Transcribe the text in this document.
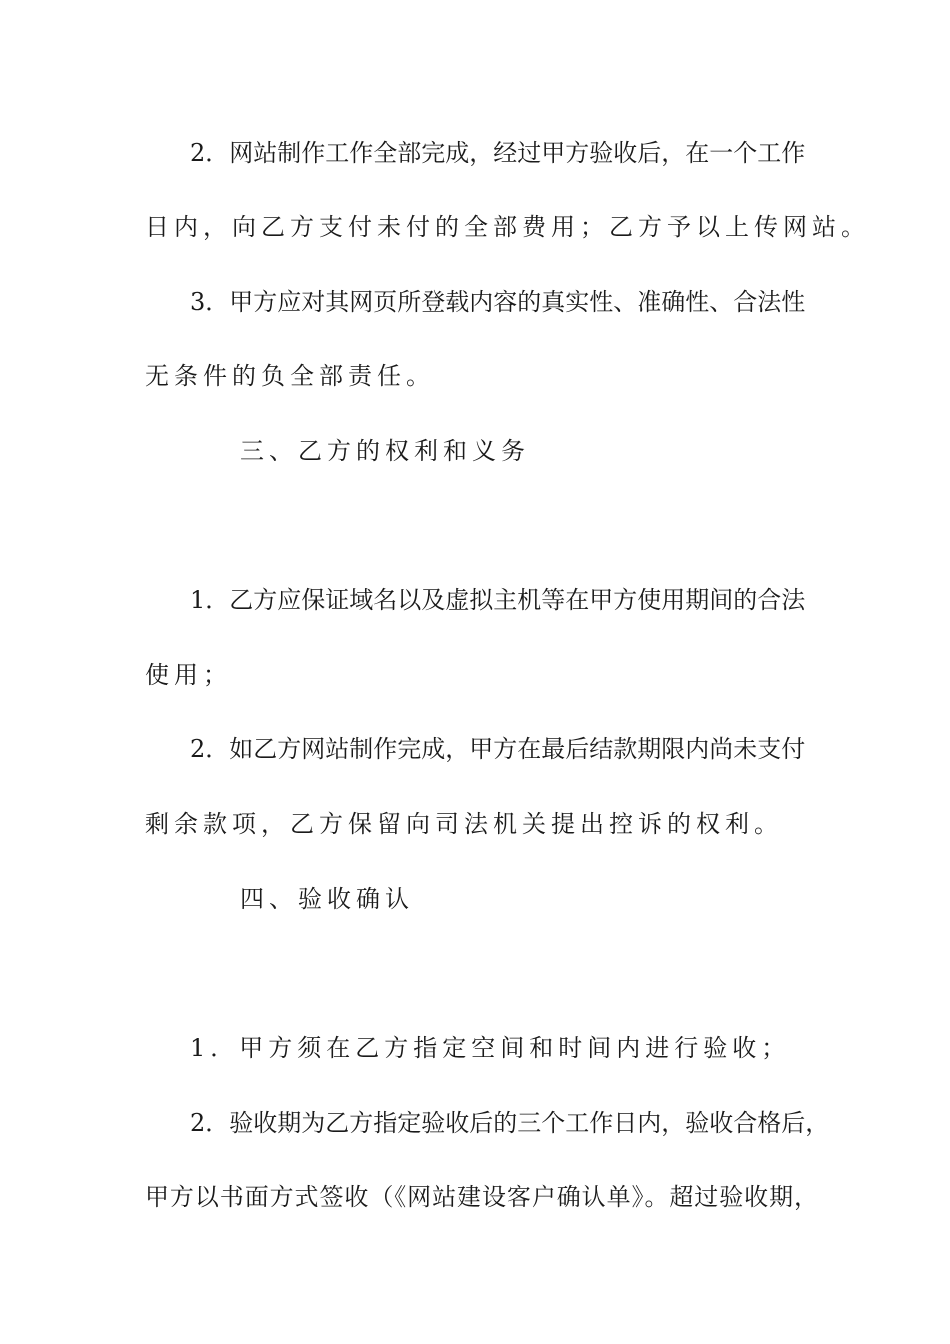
2．网站制作工作全部完成，经过甲方验收后，在一个工作
日内，向乙方支付未付的全部费用；乙方予以上传网站。
3．甲方应对其网页所登载内容的真实性、准确性、合法性
无条件的负全部责任。
三、乙方的权利和义务
1．乙方应保证域名以及虚拟主机等在甲方使用期间的合法
使用；
2．如乙方网站制作完成，甲方在最后结款期限内尚未支付
剩余款项，乙方保留向司法机关提出控诉的权利。
四、验收确认
1．甲方须在乙方指定空间和时间内进行验收；
2．验收期为乙方指定验收后的三个工作日内，验收合格后，
甲方以书面方式签收（《网站建设客户确认单》。超过验收期，
